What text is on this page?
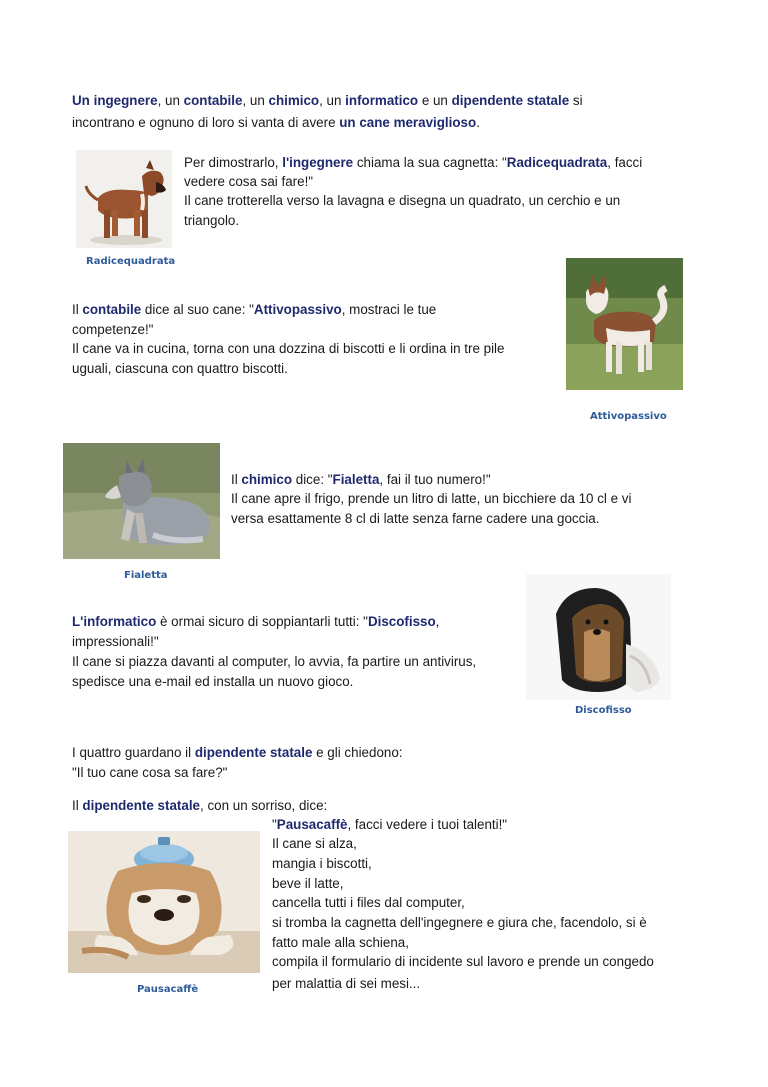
Un ingegnere, un contabile, un chimico, un informatico e un dipendente statale si

incontrano e ognuno di loro si vanta di avere un cane meraviglioso.

Radicequadrata

Per dimostrarlo, l'ingegnere chiama la sua cagnetta: "Radicequadrata, facci

vedere cosa sai fare!"

Il cane trotterella verso la lavagna e disegna un quadrato, un cerchio e un

triangolo.

Attivopassivo

Il contabile dice al suo cane: "Attivopassivo, mostraci le tue

competenze!"

Il cane va in cucina, torna con una dozzina di biscotti e li ordina in tre pile

uguali, ciascuna con quattro biscotti.

Fialetta

Il chimico dice: "Fialetta, fai il tuo numero!"

Il cane apre il frigo, prende un litro di latte, un bicchiere da 10 cl e vi

versa esattamente 8 cl di latte senza farne cadere una goccia.

Discofisso

L'informatico è ormai sicuro di soppiantarli tutti: "Discofisso,

impressionali!"

Il cane si piazza davanti al computer, lo avvia, fa partire un antivirus,

spedisce una e-mail ed installa un nuovo gioco.

I quattro guardano il dipendente statale e gli chiedono:

"Il tuo cane cosa sa fare?"

Il dipendente statale, con un sorriso, dice:

"Pausacaffè, facci vedere i tuoi talenti!"

Il cane si alza,

mangia i biscotti,

beve il latte,

cancella tutti i files dal computer,

si tromba la cagnetta dell'ingegnere e giura che, facendolo, si è

fatto male alla schiena,

compila il formulario di incidente sul lavoro e prende un congedo

per malattia di sei mesi...

Pausacaffè
